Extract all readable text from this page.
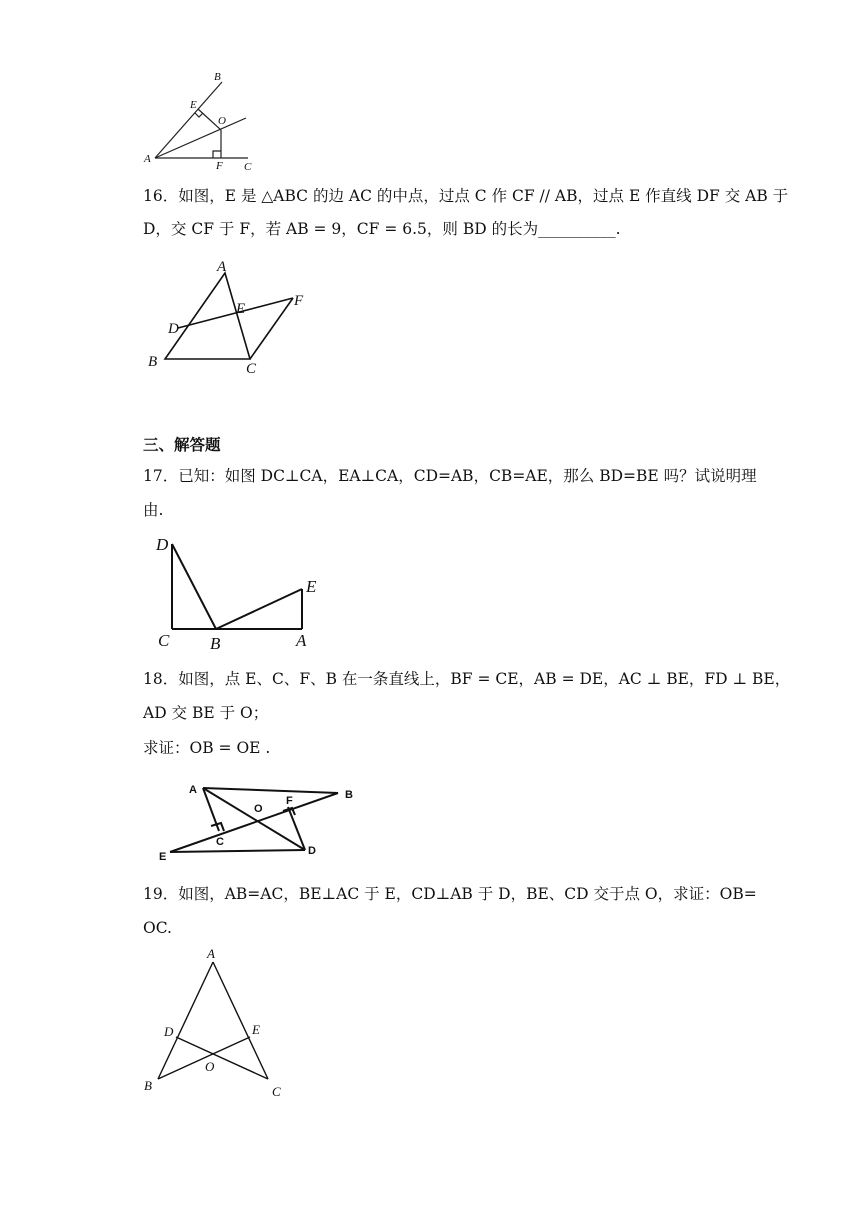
B
E
O
A
F C
16．如图，E 是 △ABC 的边 AC 的中点，过点 C 作 CF // AB，过点 E 作直线 DF 交 AB 于
D，交 CF 于 F，若 AB = 9，CF = 6.5，则 BD 的长为__________.
A
E	F
D
B	C
三、解答题
17．已知：如图 DC⊥CA，EA⊥CA，CD=AB，CB=AE，那么 BD=BE 吗？试说明理
由.
D
E
C B	A
18．如图，点 E、C、F、B 在一条直线上，BF = CE，AB = DE，AC ⊥ BE，FD ⊥ BE，
AD 交 BE 于 O；
求证：OB = OE .
A
O
F	B
C
D
E
19．如图，AB=AC，BE⊥AC 于 E，CD⊥AB 于 D，BE、CD 交于点 O，求证：OB=
OC.
A
D	E
O
B	C
